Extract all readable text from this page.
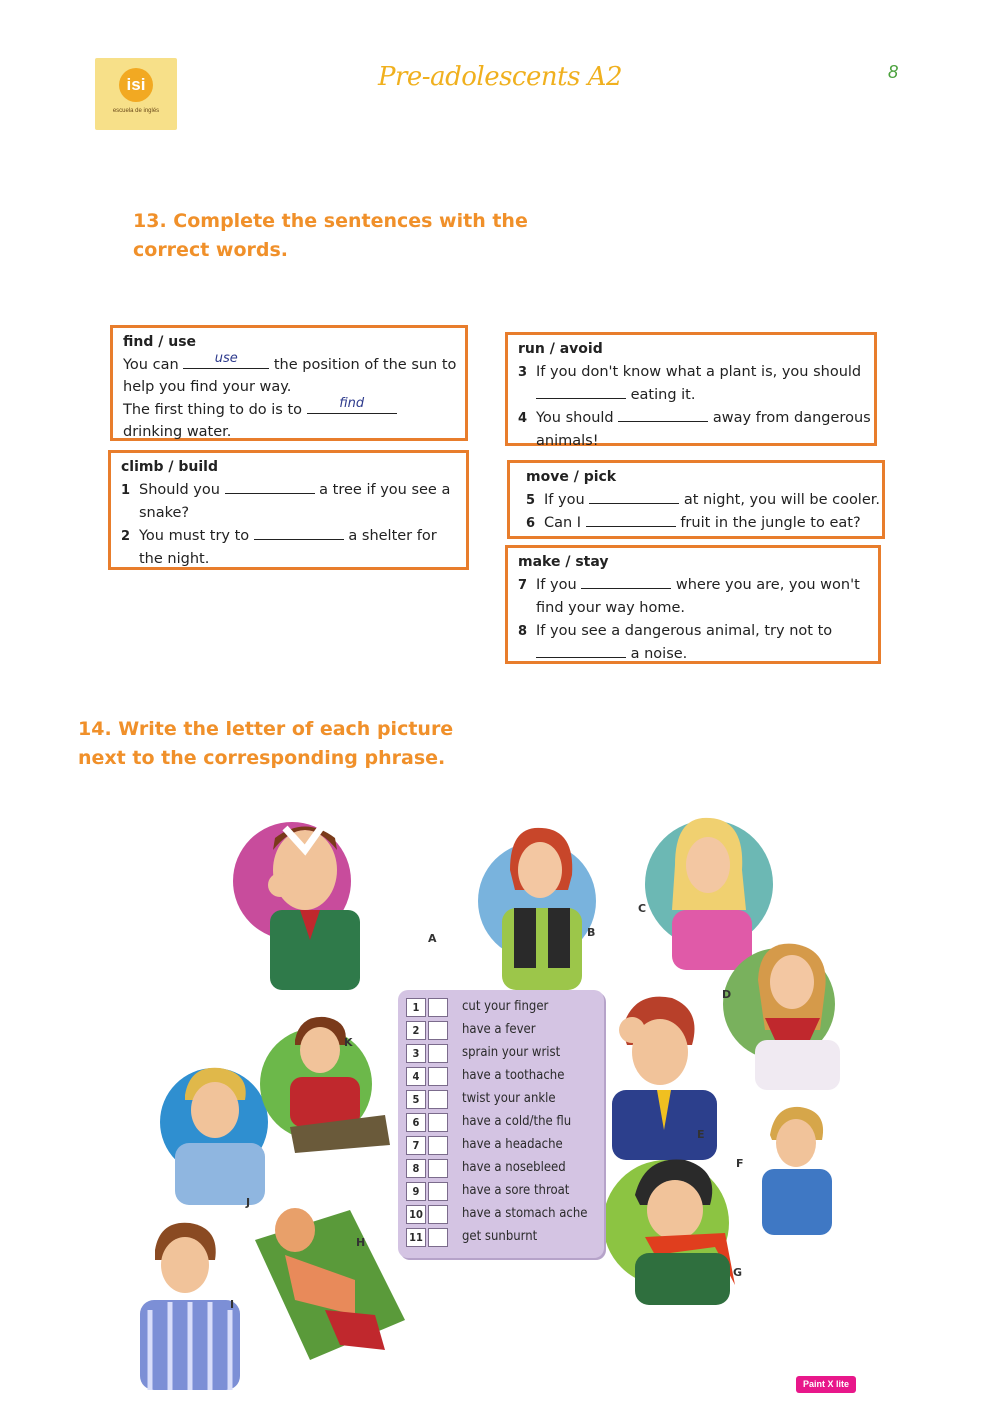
isi
escuela de inglés
Pre-adolescents A2	8
13. Complete the sentences with the
correct words.
find / use
You can	use	the position of the sun to
help you find your way.
The first thing to do is to	find
drinking water.
climb / build
1 Should you	a tree if you see a
snake?
2 You must try to	a shelter for
the night.
run / avoid
3 If you don't know what a plant is, you should
eating it.
4 You should	away from dangerous
animals!
move / pick
5 If you	at night, you will be cooler.
6 Can I	fruit in the jungle to eat?
make / stay
7 If you	where you are, you won't
find your way home.
8 If you see a dangerous animal, try not to
a noise.
14. Write the letter of each picture
next to the corresponding phrase.
A	B
C
D
E
F
G
H
I
J
K
1	cut your finger
2	have a fever
3	sprain your wrist
4	have a toothache
5	twist your ankle
6	have a cold/the flu
7	have a headache
8	have a nosebleed
9	have a sore throat
10	have a stomach ache
11	get sunburnt
Paint X lite
